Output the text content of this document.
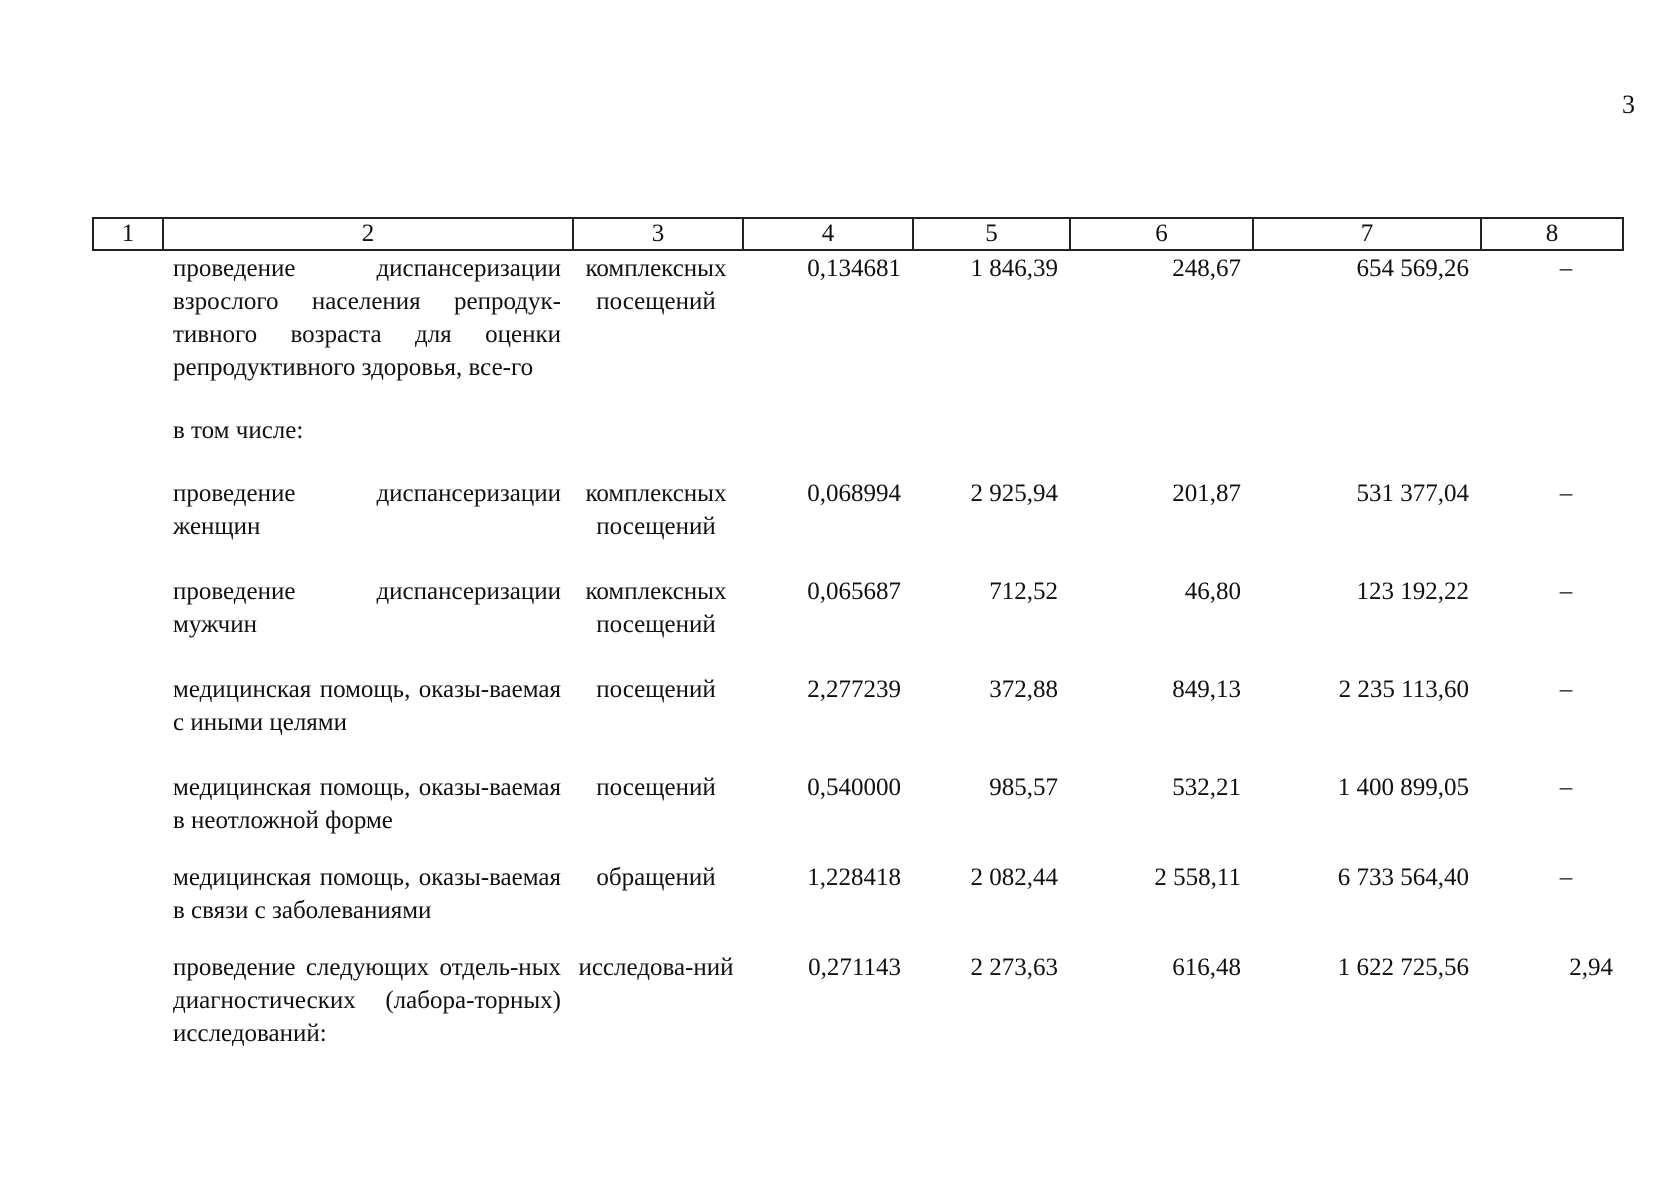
3
1	2	3	4	5	6	7	8
	проведение диспансеризации взрослого населения репродук-тивного возраста для оценки репродуктивного здоровья, все-го	комплексных посещений	0,134681	1 846,39	248,67	654 569,26	–
	в том числе:						
	проведение диспансеризации женщин	комплексных посещений	0,068994	2 925,94	201,87	531 377,04	–
	проведение диспансеризации мужчин	комплексных посещений	0,065687	712,52	46,80	123 192,22	–
	медицинская помощь, оказы-ваемая с иными целями	посещений	2,277239	372,88	849,13	2 235 113,60	–
	медицинская помощь, оказы-ваемая в неотложной форме	посещений	0,540000	985,57	532,21	1 400 899,05	–
	медицинская помощь, оказы-ваемая в связи с заболеваниями	обращений	1,228418	2 082,44	2 558,11	6 733 564,40	–
	проведение следующих отдель-ных диагностических (лабора-торных) исследований:	исследова-ний	0,271143	2 273,63	616,48	1 622 725,56	2,94
